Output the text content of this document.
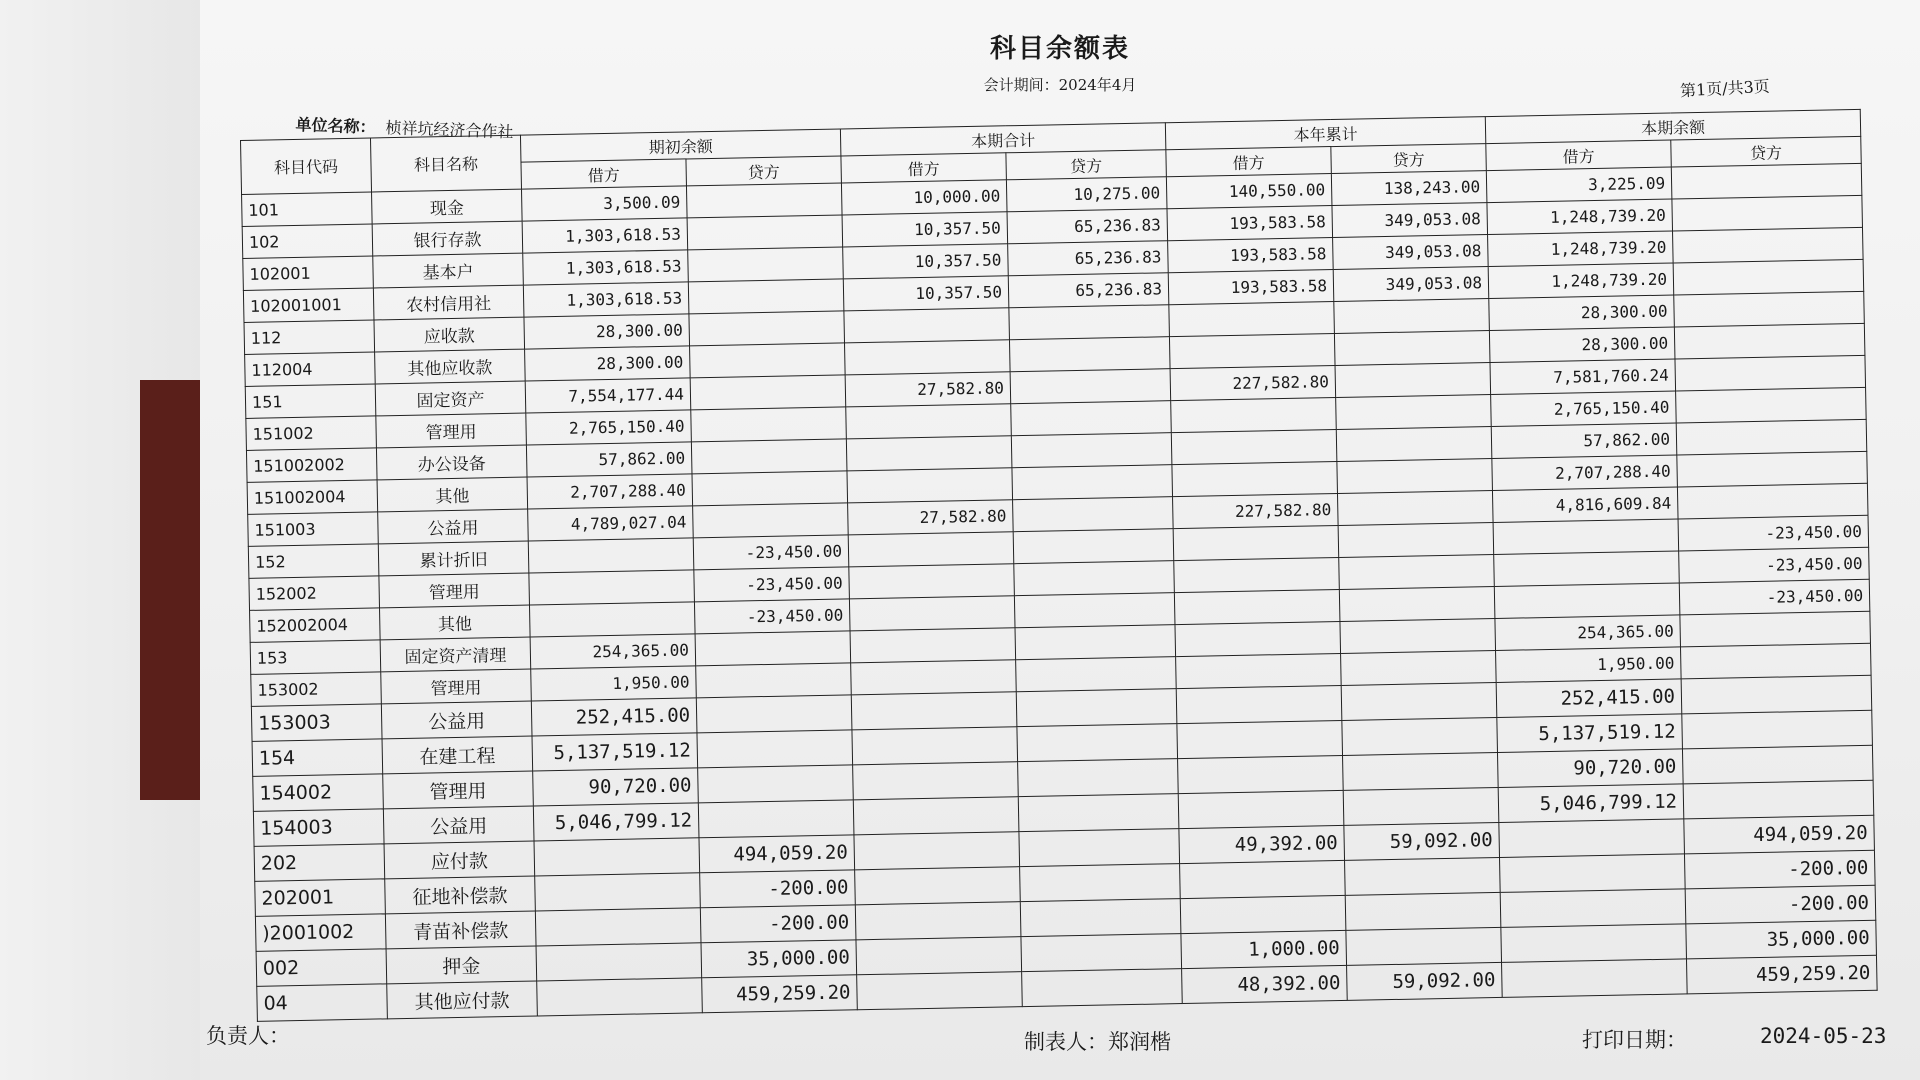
科目余额表
会计期间：2024年4月	第1页/共3页
单位名称： 桢祥坑经济合作社
科目代码	科目名称	期初余额		本期合计		本年累计		本期余额	
		借方	贷方	借方	贷方	借方	贷方	借方	贷方
101	现金	3,500.09		10,000.00	10,275.00	140,550.00	138,243.00	3,225.09	
102	银行存款	1,303,618.53		10,357.50	65,236.83	193,583.58	349,053.08	1,248,739.20	
102001	基本户	1,303,618.53		10,357.50	65,236.83	193,583.58	349,053.08	1,248,739.20	
102001001	农村信用社	1,303,618.53		10,357.50	65,236.83	193,583.58	349,053.08	1,248,739.20	
112	应收款	28,300.00						28,300.00	
112004	其他应收款	28,300.00						28,300.00	
151	固定资产	7,554,177.44		27,582.80		227,582.80		7,581,760.24	
151002	管理用	2,765,150.40						2,765,150.40	
151002002	办公设备	57,862.00						57,862.00	
151002004	其他	2,707,288.40						2,707,288.40	
151003	公益用	4,789,027.04		27,582.80		227,582.80		4,816,609.84	
152	累计折旧		-23,450.00						-23,450.00
152002	管理用		-23,450.00						-23,450.00
152002004	其他		-23,450.00						-23,450.00
153	固定资产清理	254,365.00						254,365.00	
153002	管理用	1,950.00						1,950.00	
153003	公益用	252,415.00						252,415.00	
154	在建工程	5,137,519.12						5,137,519.12	
154002	管理用	90,720.00						90,720.00	
154003	公益用	5,046,799.12						5,046,799.12	
202	应付款		494,059.20			49,392.00	59,092.00		494,059.20
202001	征地补偿款		-200.00						-200.00
)2001002	青苗补偿款		-200.00						-200.00
002	押金		35,000.00			1,000.00			35,000.00
04	其他应付款		459,259.20			48,392.00	59,092.00		459,259.20
负责人：	制表人：郑润楷	打印日期：	2024-05-23
